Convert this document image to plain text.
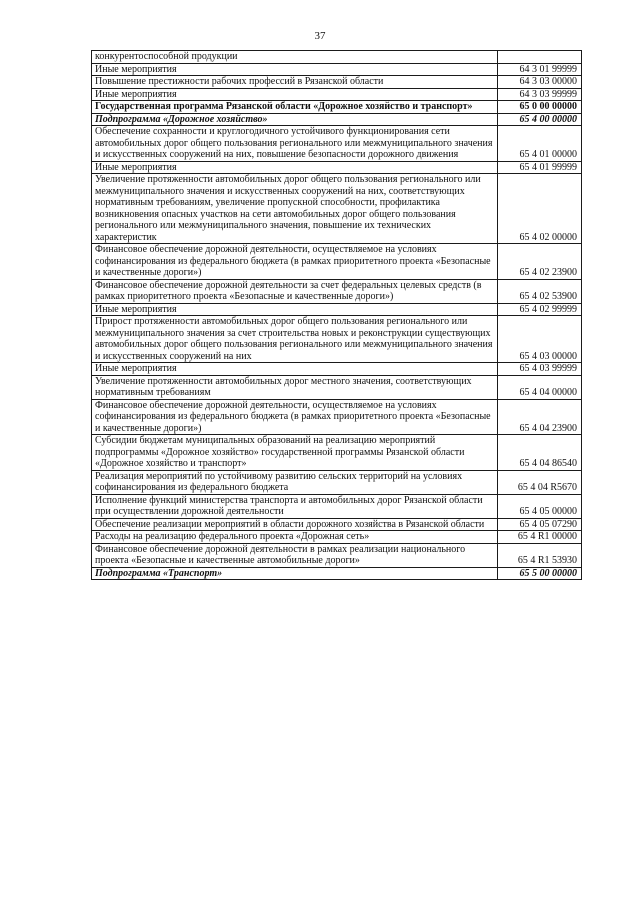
37
конкурентоспособной продукции	
Иные мероприятия	64 3 01 99999
Повышение престижности рабочих профессий в Рязанской области	64 3 03 00000
Иные мероприятия	64 3 03 99999
Государственная программа Рязанской области «Дорожное хозяйство и транспорт»	65 0 00 00000
Подпрограмма «Дорожное хозяйство»	65 4 00 00000
Обеспечение сохранности и круглогодичного устойчивого функционирования сети автомобильных дорог общего пользования регионального или межмуниципального значения и искусственных сооружений на них, повышение безопасности дорожного движения	65 4 01 00000
Иные мероприятия	65 4 01 99999
Увеличение протяженности автомобильных дорог общего пользования регионального или межмуниципального значения и искусственных сооружений на них, соответствующих нормативным требованиям, увеличение пропускной способности, профилактика возникновения опасных участков на сети автомобильных дорог общего пользования регионального или межмуниципального значения, повышение их технических характеристик	65 4 02 00000
Финансовое обеспечение дорожной деятельности, осуществляемое на условиях софинансирования из федерального бюджета (в рамках приоритетного проекта «Безопасные и качественные дороги»)	65 4 02 23900
Финансовое обеспечение дорожной деятельности за счет федеральных целевых средств (в рамках приоритетного проекта «Безопасные и качественные дороги»)	65 4 02 53900
Иные мероприятия	65 4 02 99999
Прирост протяженности автомобильных дорог общего пользования регионального или межмуниципального значения за счет строительства новых и реконструкции существующих автомобильных дорог общего пользования регионального или межмуниципального значения и искусственных сооружений на них	65 4 03 00000
Иные мероприятия	65 4 03 99999
Увеличение протяженности автомобильных дорог местного значения, соответствующих нормативным требованиям	65 4 04 00000
Финансовое обеспечение дорожной деятельности, осуществляемое на условиях софинансирования из федерального бюджета (в рамках приоритетного проекта «Безопасные и качественные дороги»)	65 4 04 23900
Субсидии бюджетам муниципальных образований на реализацию мероприятий подпрограммы «Дорожное хозяйство» государственной программы Рязанской области «Дорожное хозяйство и транспорт»	65 4 04 86540
Реализация мероприятий по устойчивому развитию сельских территорий на условиях софинансирования из федерального бюджета	65 4 04 R5670
Исполнение функций министерства транспорта и автомобильных дорог Рязанской области при осуществлении дорожной деятельности	65 4 05 00000
Обеспечение реализации мероприятий в области дорожного хозяйства в Рязанской области	65 4 05 07290
Расходы на реализацию федерального проекта «Дорожная сеть»	65 4 R1 00000
Финансовое обеспечение дорожной деятельности в рамках реализации национального проекта «Безопасные и качественные автомобильные дороги»	65 4 R1 53930
Подпрограмма «Транспорт»	65 5 00 00000
